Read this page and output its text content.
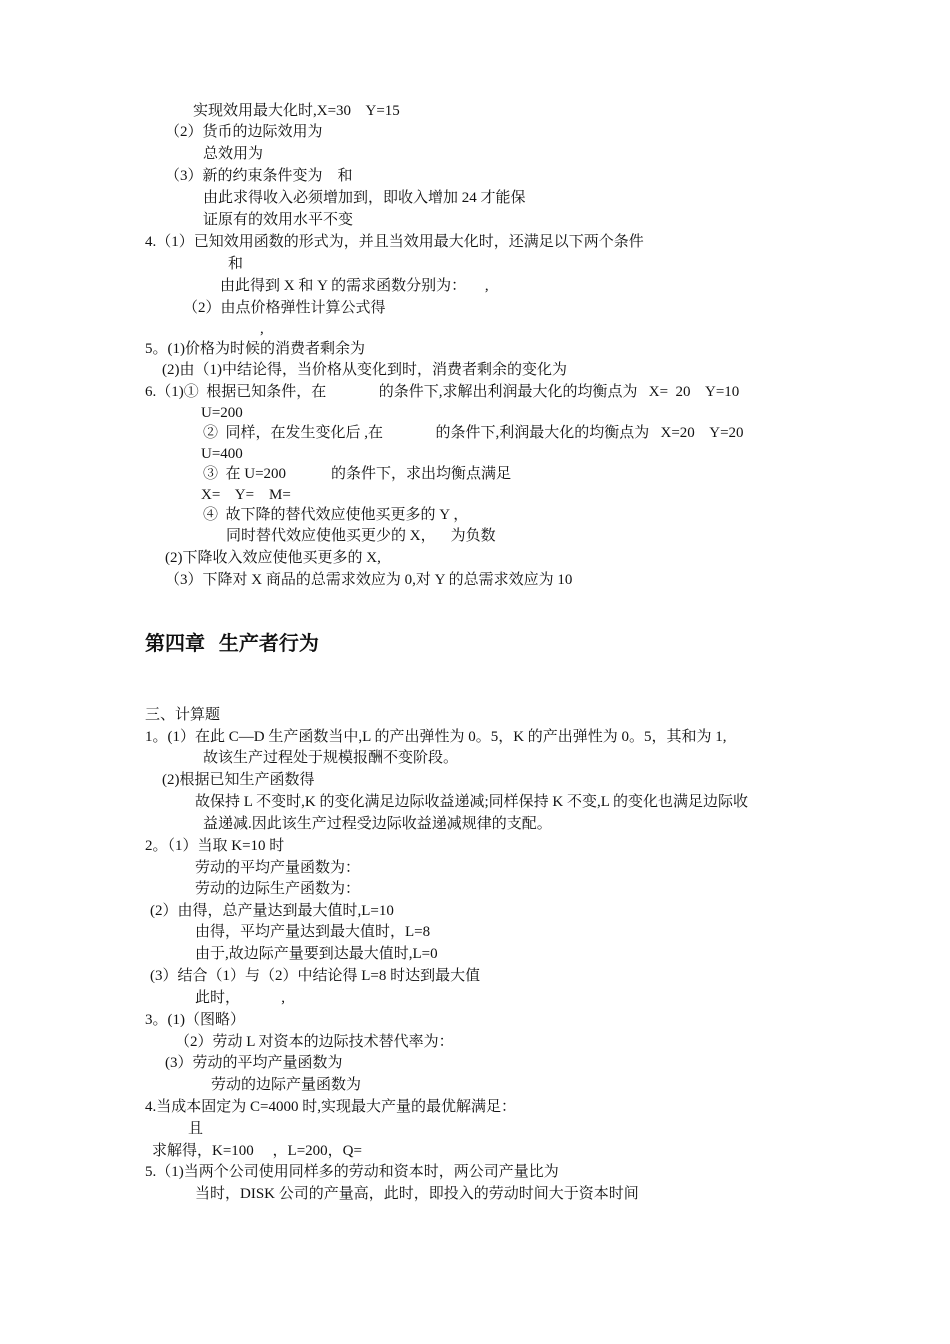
实现效用最大化时,X=30    Y=15
（2）货币的边际效用为
总效用为
（3）新的约束条件变为    和
由此求得收入必须增加到，即收入增加 24 才能保
证原有的效用水平不变
4.（1）已知效用函数的形式为，并且当效用最大化时，还满足以下两个条件
和
由此得到 X 和 Y 的需求函数分别为：     ,
（2）由点价格弹性计算公式得
,
5。(1)价格为时候的消费者剩余为
(2)由（1)中结论得，当价格从变化到时，消费者剩余的变化为
6.（1)①  根据已知条件，在              的条件下,求解出利润最大化的均衡点为   X=  20    Y=10
U=200
②  同样，在发生变化后 ,在              的条件下,利润最大化的均衡点为   X=20    Y=20
U=400
③  在 U=200            的条件下，求出均衡点满足
X=    Y=    M=
④  故下降的替代效应使他买更多的 Y ，
同时替代效应使他买更少的 X，    为负数
(2)下降收入效应使他买更多的 X,
（3）下降对 X 商品的总需求效应为 0,对 Y 的总需求效应为 10
第四章  生产者行为
三、计算题
1。(1）在此 C—D 生产函数当中,L 的产出弹性为 0。5，K 的产出弹性为 0。5，其和为 1,
故该生产过程处于规模报酬不变阶段。
(2)根据已知生产函数得
故保持 L 不变时,K 的变化满足边际收益递减;同样保持 K 不变,L 的变化也满足边际收
益递减.因此该生产过程受边际收益递减规律的支配。
2。（1）当取 K=10 时
劳动的平均产量函数为：
劳动的边际生产函数为：
(2）由得，总产量达到最大值时,L=10
由得，平均产量达到最大值时，L=8
由于,故边际产量要到达最大值时,L=0
(3）结合（1）与（2）中结论得 L=8 时达到最大值
此时，           ,
3。(1)（图略）
（2）劳动 L 对资本的边际技术替代率为：
(3）劳动的平均产量函数为
劳动的边际产量函数为
4.当成本固定为 C=4000 时,实现最大产量的最优解满足：
且
求解得，K=100     ，L=200，Q=
5.（1)当两个公司使用同样多的劳动和资本时，两公司产量比为
当时，DISK 公司的产量高，此时，即投入的劳动时间大于资本时间
